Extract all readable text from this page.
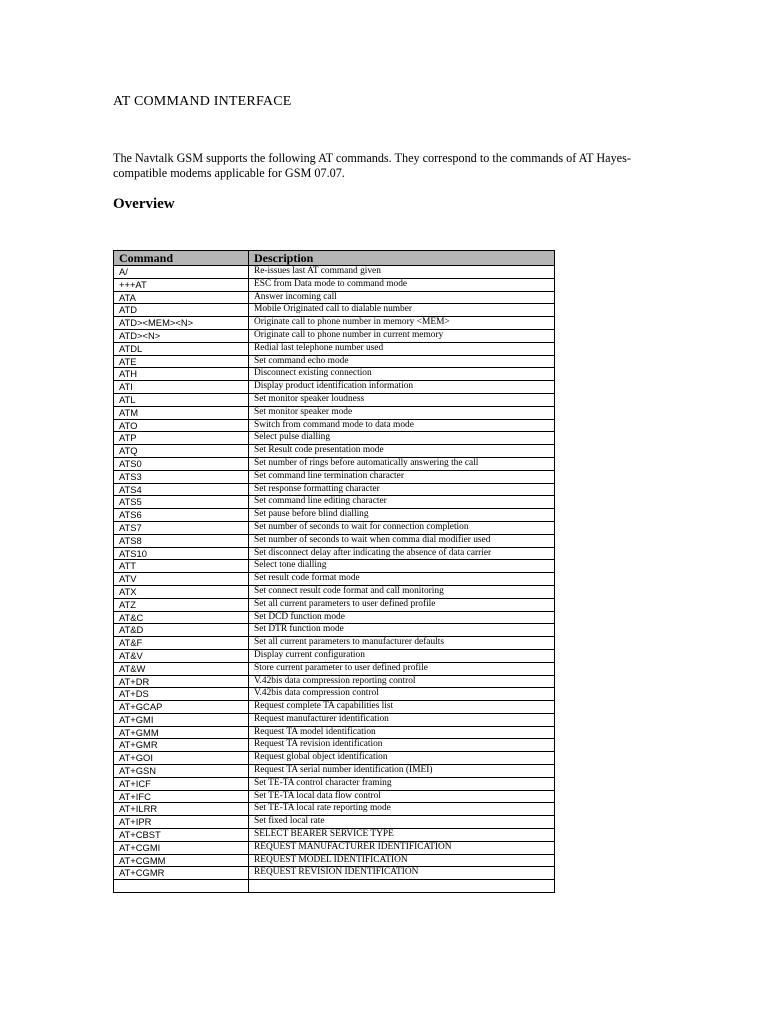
AT COMMAND INTERFACE

The Navtalk GSM supports the following AT commands. They correspond to the commands of AT Hayes-compatible modems applicable for GSM 07.07.

Overview
Command	Description
A/	Re-issues last AT command given
+++AT	ESC from Data mode to command mode
ATA	Answer incoming call
ATD	Mobile Originated call to dialable number
ATD><MEM><N>	Originate call to phone number in memory <MEM>
ATD><N>	Originate call to phone number in current memory
ATDL	Redial last telephone number used
ATE	Set command echo mode
ATH	Disconnect existing connection
ATI	Display product identification information
ATL	Set monitor speaker loudness
ATM	Set monitor speaker mode
ATO	Switch from command mode to data mode
ATP	Select pulse dialling
ATQ	Set Result code presentation mode
ATS0	Set number of rings before automatically answering the call
ATS3	Set command line termination character
ATS4	Set response formatting character
ATS5	Set command line editing character
ATS6	Set pause before blind dialling
ATS7	Set number of seconds to wait for connection completion
ATS8	Set number of seconds to wait when comma dial modifier used
ATS10	Set disconnect delay after indicating the absence of data carrier
ATT	Select tone dialling
ATV	Set result code format mode
ATX	Set connect result code format and call monitoring
ATZ	Set all current parameters to user defined profile
AT&C	Set DCD function mode
AT&D	Set DTR function mode
AT&F	Set all current parameters to manufacturer defaults
AT&V	Display current configuration
AT&W	Store current parameter to user defined profile
AT+DR	V.42bis data compression reporting control
AT+DS	V.42bis data compression control
AT+GCAP	Request complete TA capabilities list
AT+GMI	Request manufacturer identification
AT+GMM	Request TA model identification
AT+GMR	Request TA revision identification
AT+GOI	Request global object identification
AT+GSN	Request TA serial number identification (IMEI)
AT+ICF	Set TE-TA control character framing
AT+IFC	Set TE-TA local data flow control
AT+ILRR	Set TE-TA local rate reporting mode
AT+IPR	Set fixed local rate
AT+CBST	SELECT BEARER SERVICE TYPE
AT+CGMI	REQUEST MANUFACTURER IDENTIFICATION
AT+CGMM	REQUEST MODEL IDENTIFICATION
AT+CGMR	REQUEST REVISION IDENTIFICATION
